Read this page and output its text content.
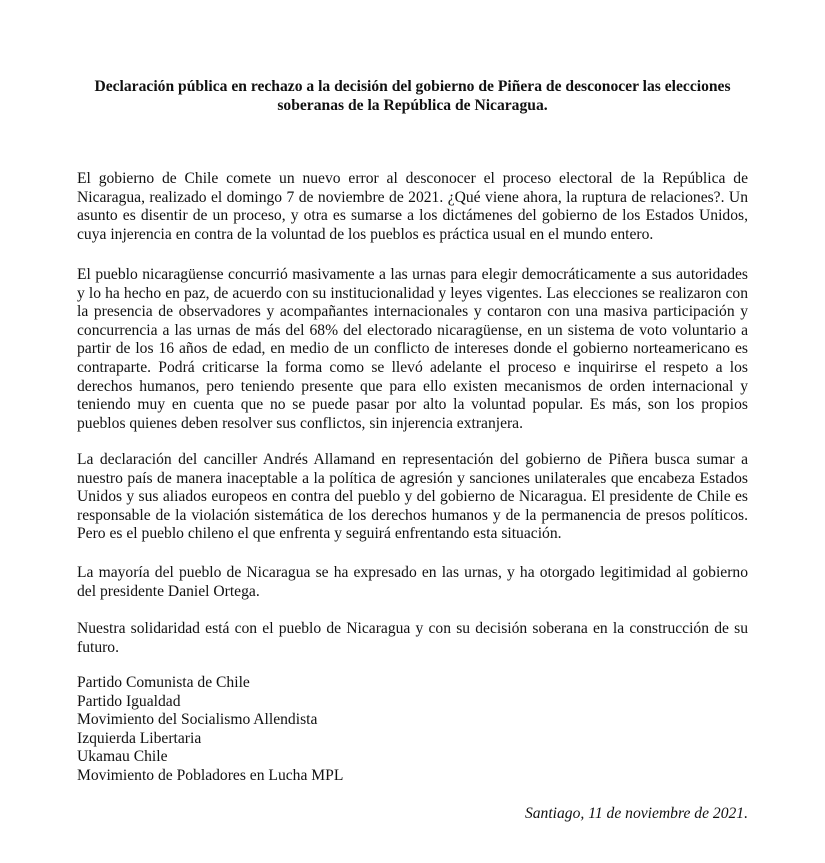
Declaración pública en rechazo a la decisión del gobierno de Piñera de desconocer las elecciones soberanas de la República de Nicaragua.
El gobierno de Chile comete un nuevo error al desconocer el proceso electoral de la República de Nicaragua, realizado el domingo 7 de noviembre de 2021. ¿Qué viene ahora, la ruptura de relaciones?. Un asunto es disentir de un proceso, y otra es sumarse a los dictámenes del gobierno de los Estados Unidos, cuya injerencia en contra de la voluntad de los pueblos es práctica usual en el mundo entero.
El pueblo nicaragüense concurrió masivamente a las urnas para elegir democráticamente a sus autoridades y lo ha hecho en paz, de acuerdo con su institucionalidad y leyes vigentes. Las elecciones se realizaron con la presencia de observadores y acompañantes internacionales y contaron con una masiva participación y concurrencia a las urnas de más del 68% del electorado nicaragüense, en un sistema de voto voluntario a partir de los 16 años de edad, en medio de un conflicto de intereses donde el gobierno norteamericano es contraparte. Podrá criticarse la forma como se llevó adelante el proceso e inquirirse el respeto a los derechos humanos, pero teniendo presente que para ello existen mecanismos de orden internacional y teniendo muy en cuenta que no se puede pasar por alto la voluntad popular. Es más, son los propios pueblos quienes deben resolver sus conflictos, sin injerencia extranjera.
La declaración del canciller Andrés Allamand en representación del gobierno de Piñera busca sumar a nuestro país de manera inaceptable a la política de agresión y sanciones unilaterales que encabeza Estados Unidos y sus aliados europeos en contra del pueblo y del gobierno de Nicaragua. El presidente de Chile es responsable de la violación sistemática de los derechos humanos y de la permanencia de presos políticos. Pero es el pueblo chileno el que enfrenta y seguirá enfrentando esta situación.
La mayoría del pueblo de Nicaragua se ha expresado en las urnas, y ha otorgado legitimidad al gobierno del presidente Daniel Ortega.
Nuestra solidaridad está con el pueblo de Nicaragua y con su decisión soberana en la construcción de su futuro.
Partido Comunista de Chile
Partido Igualdad
Movimiento del Socialismo Allendista
Izquierda Libertaria
Ukamau Chile
Movimiento de Pobladores en Lucha MPL
Santiago, 11 de noviembre de 2021.
